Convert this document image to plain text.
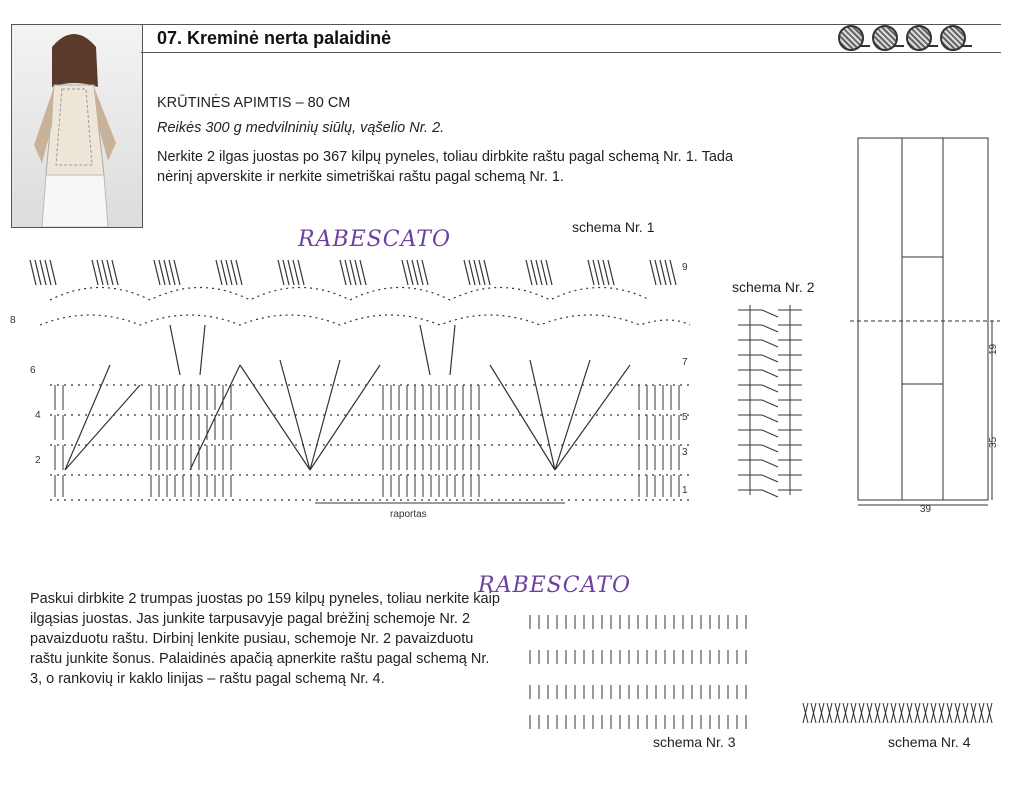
07. Kreminė nerta palaidinė
KRŪTINĖS APIMTIS – 80 CM
Reikės 300 g medvilninių siūlų, vąšelio Nr. 2.
Nerkite 2 ilgas juostas po 367 kilpų pyneles, toliau dirbkite raštu pagal schemą Nr. 1. Tada nėrinį apverskite ir nerkite simetriškai raštu pagal schemą Nr. 1.
RABESCATO	schema Nr. 1
schema Nr. 2
raportas
9
7
5
3
1
8
6
4
2
39
19
35
Paskui dirbkite 2 trumpas juostas po 159 kilpų pyneles, toliau nerkite kaip ilgąsias juostas. Jas junkite tarpusavyje pagal brėžinį schemoje Nr. 2 pavaizduotu raštu. Dirbinį lenkite pusiau, schemoje Nr. 2 pavaizduotu raštu junkite šonus. Palaidinės apačią apnerkite raštu pagal schemą Nr. 3, o rankovių ir kaklo linijas – raštu pagal schemą Nr. 4.
RABESCATO
schema Nr. 3	schema Nr. 4
